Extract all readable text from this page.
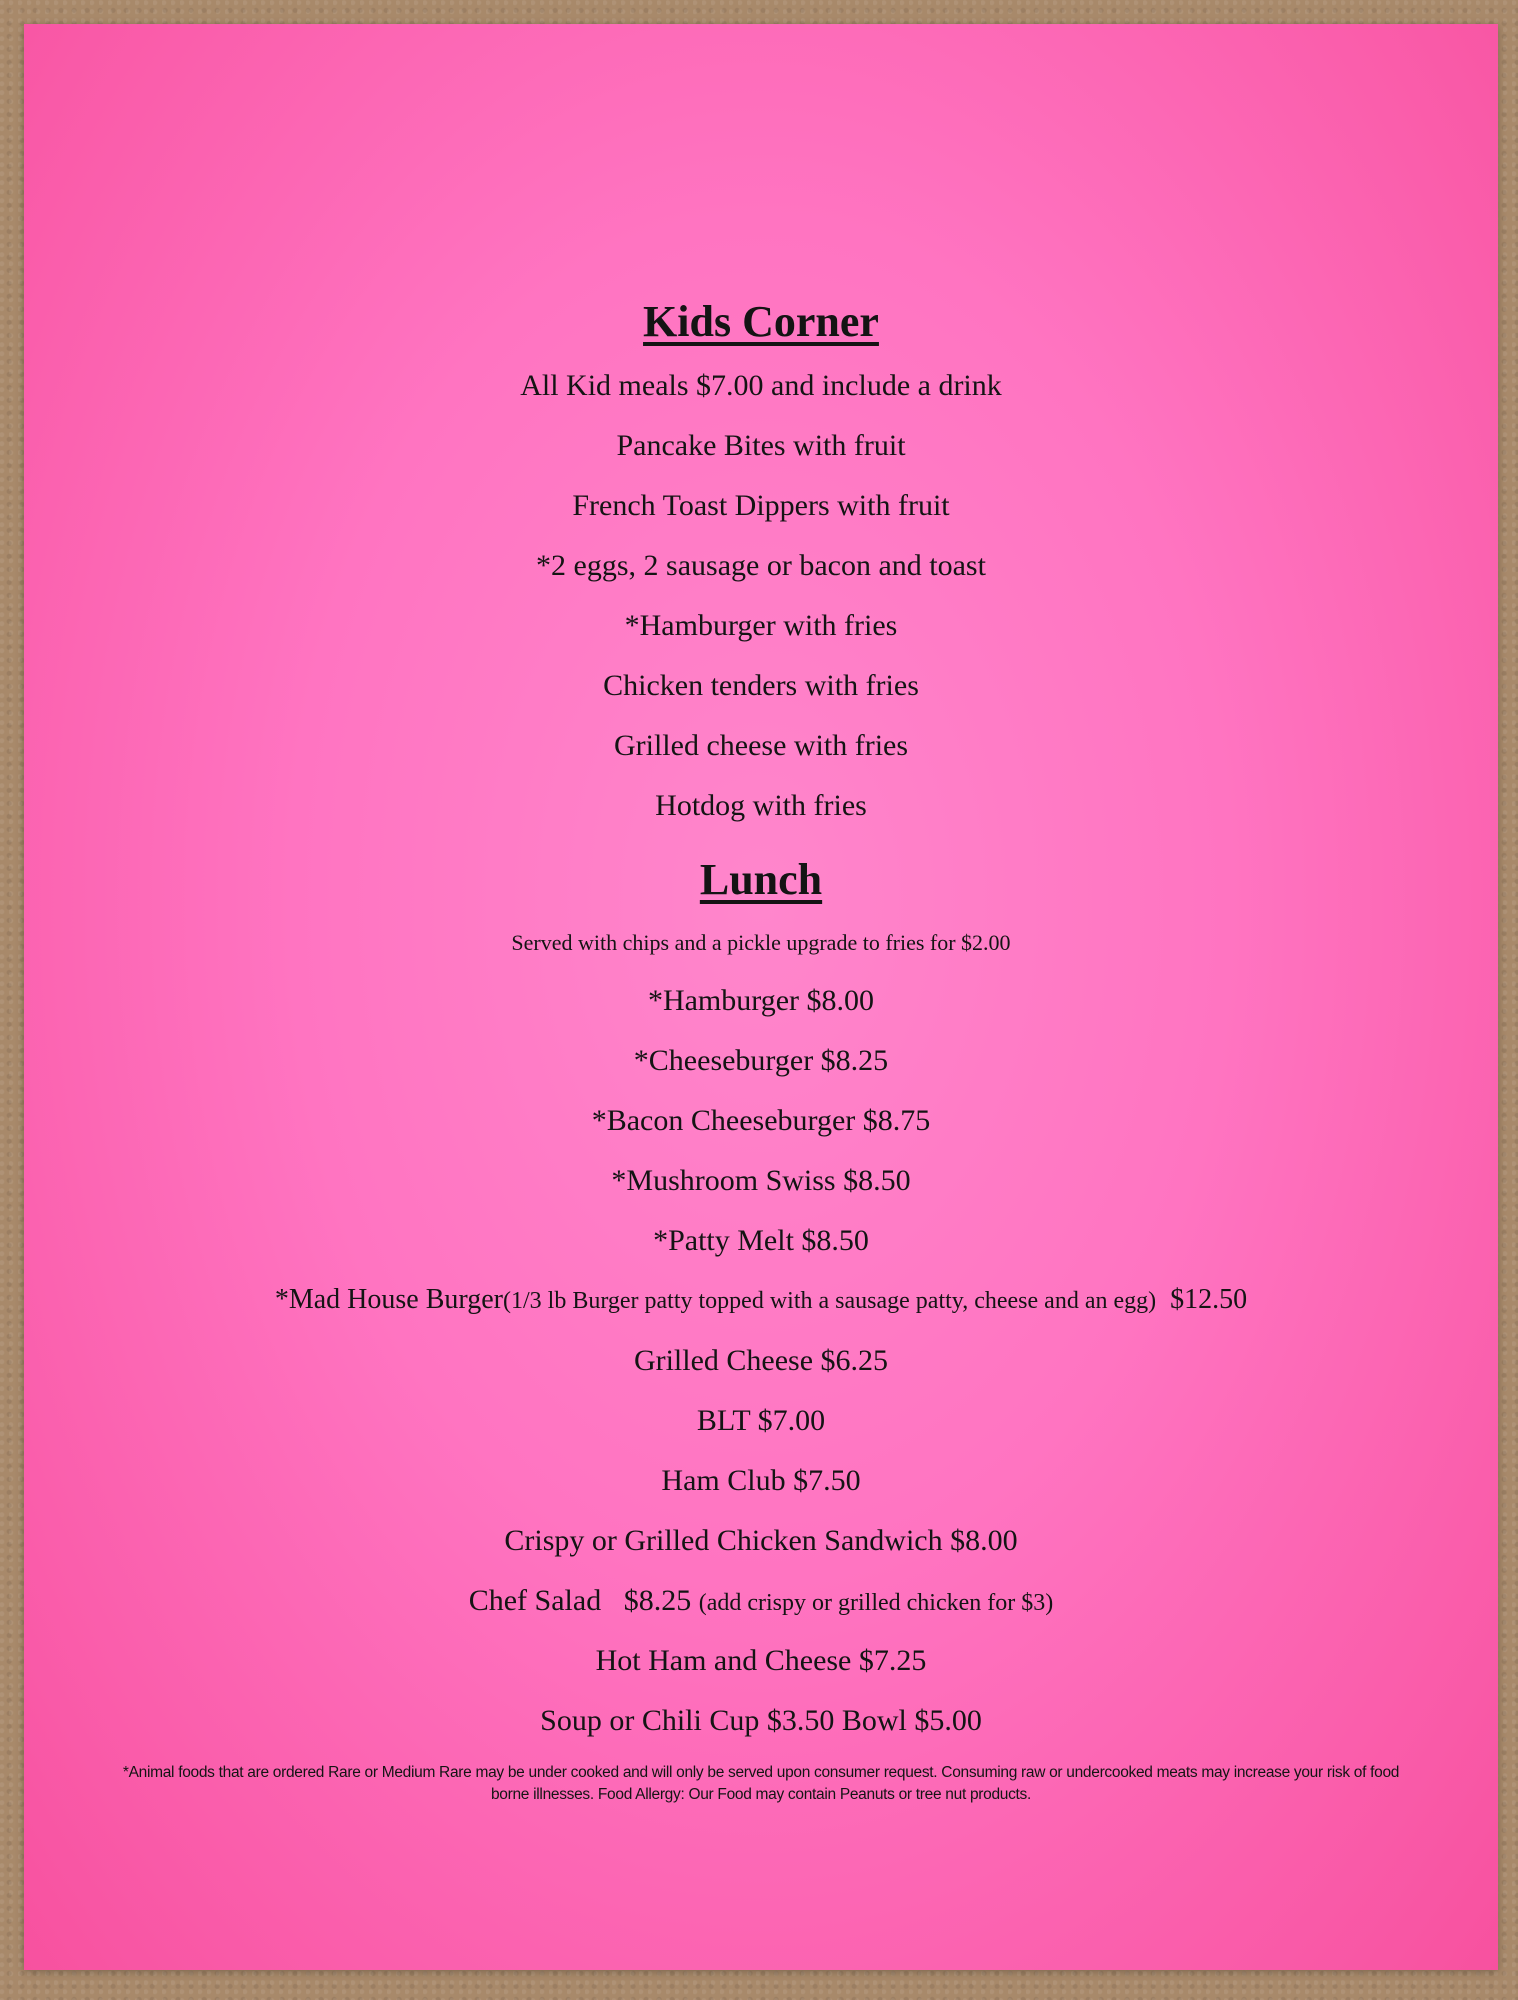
Kids Corner
All Kid meals $7.00 and include a drink
Pancake Bites with fruit
French Toast Dippers with fruit
*2 eggs, 2 sausage or bacon and toast
*Hamburger with fries
Chicken tenders with fries
Grilled cheese with fries
Hotdog with fries
Lunch
Served with chips and a pickle upgrade to fries for $2.00
*Hamburger $8.00
*Cheeseburger $8.25
*Bacon Cheeseburger $8.75
*Mushroom Swiss $8.50
*Patty Melt $8.50
*Mad House Burger(1/3 lb Burger patty topped with a sausage patty, cheese and an egg) $12.50
Grilled Cheese $6.25
BLT $7.00
Ham Club $7.50
Crispy or Grilled Chicken Sandwich $8.00
Chef Salad $8.25 (add crispy or grilled chicken for $3)
Hot Ham and Cheese $7.25
Soup or Chili Cup $3.50 Bowl $5.00
*Animal foods that are ordered Rare or Medium Rare may be under cooked and will only be served upon consumer request. Consuming raw or undercooked meats may increase your risk of food
borne illnesses. Food Allergy: Our Food may contain Peanuts or tree nut products.
